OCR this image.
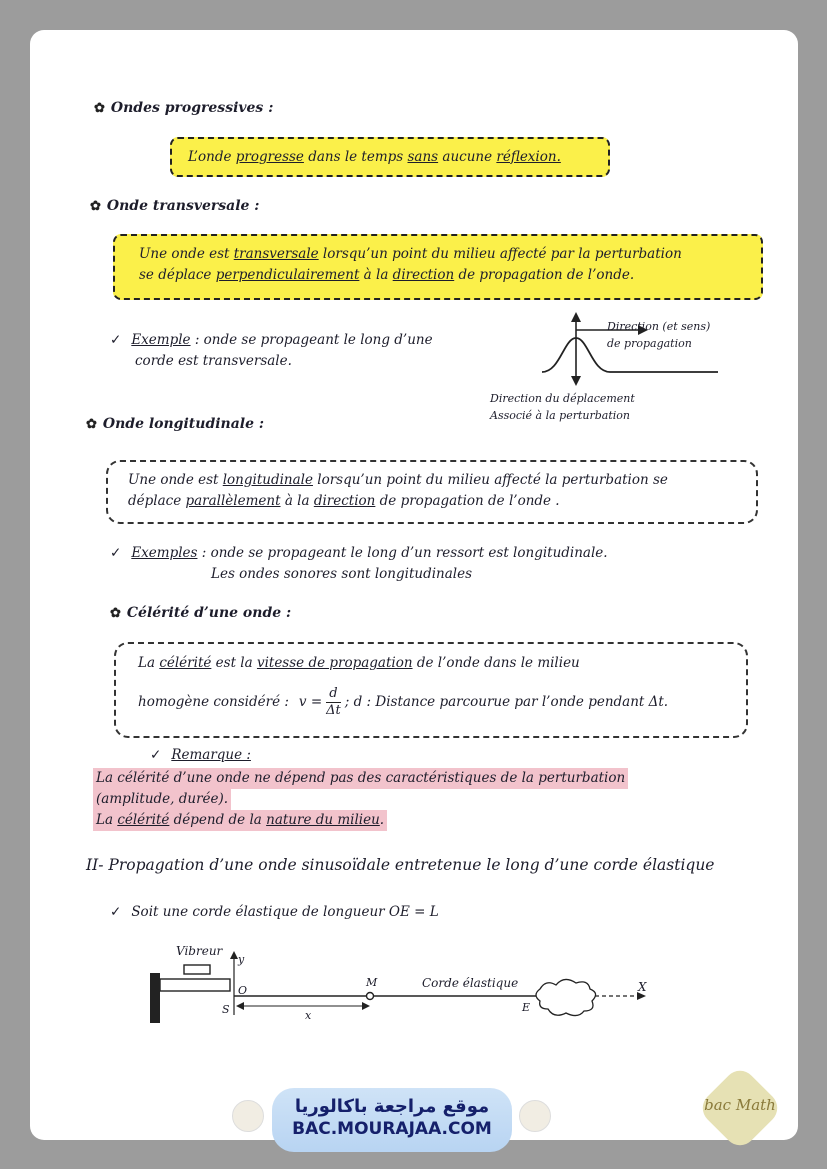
✿ Ondes progressives :
L’onde progresse dans le temps sans aucune réflexion.
✿ Onde transversale :
Une onde est transversale lorsqu’un point du milieu affecté par la perturbation
se déplace perpendiculairement à la direction de propagation de l’onde.
✓ Exemple : onde se propageant le long d’une
corde est transversale.
Direction (et sens)
de propagation
Direction du déplacement
Associé à la perturbation
✿ Onde longitudinale :
Une onde est longitudinale lorsqu’un point du milieu affecté la perturbation se
déplace parallèlement à la direction de propagation de l’onde .
✓ Exemples : onde se propageant le long d’un ressort est longitudinale.
Les ondes sonores sont longitudinales
✿ Célérité d’une onde :
La célérité est la vitesse de propagation de l’onde dans le milieu
homogène considéré : $v = \frac{d}{\Delta t}$ ; d : Distance parcourue par l’onde pendant Δt.
✓ Remarque :
La célérité d’une onde ne dépend pas des caractéristiques de la perturbation
(amplitude, durée).
La célérité dépend de la nature du milieu.
II- Propagation d’une onde sinusoïdale entretenue le long d’une corde élastique
✓ Soit une corde élastique de longueur OE = L
Vibreur
y
O
S
M	Corde élastique
E
X
x
موقع مراجعة باكالوريا
BAC.MOURAJAA.COM
bac Math
